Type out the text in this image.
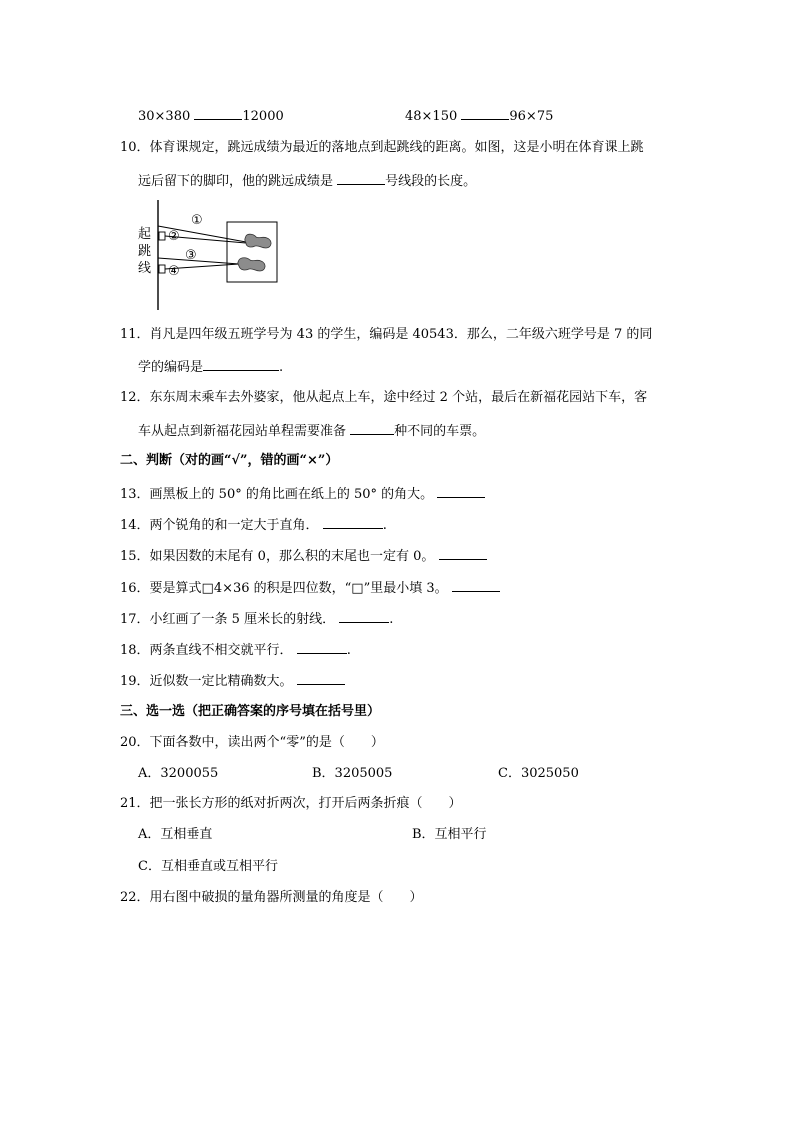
30×380	12000	48×150	96×75
10．体育课规定，跳远成绩为最近的落地点到起跳线的距离。如图，这是小明在体育课上跳
远后留下的脚印，他的跳远成绩是	号线段的长度。
起
跳
线
①
②
③
④
11．肖凡是四年级五班学号为 43 的学生，编码是 40543．那么，二年级六班学号是 7 的同
学的编码是	.
12．东东周末乘车去外婆家，他从起点上车，途中经过 2 个站，最后在新福花园站下车，客
车从起点到新福花园站单程需要准备	种不同的车票。
二、判断（对的画“√”，错的画“×”）
13．画黑板上的 50° 的角比画在纸上的 50° 的角大。
14．两个锐角的和一定大于直角．	.
15．如果因数的末尾有 0，那么积的末尾也一定有 0。
16．要是算式□4×36 的积是四位数，“□”里最小填 3。
17．小红画了一条 5 厘米长的射线．	.
18．两条直线不相交就平行．	.
19．近似数一定比精确数大。
三、选一选（把正确答案的序号填在括号里）
20．下面各数中，读出两个“零”的是（　　）
A．3200055	B．3205005	C．3025050
21．把一张长方形的纸对折两次，打开后两条折痕（　　）
A．互相垂直	B．互相平行
C．互相垂直或互相平行
22．用右图中破损的量角器所测量的角度是（　　）
